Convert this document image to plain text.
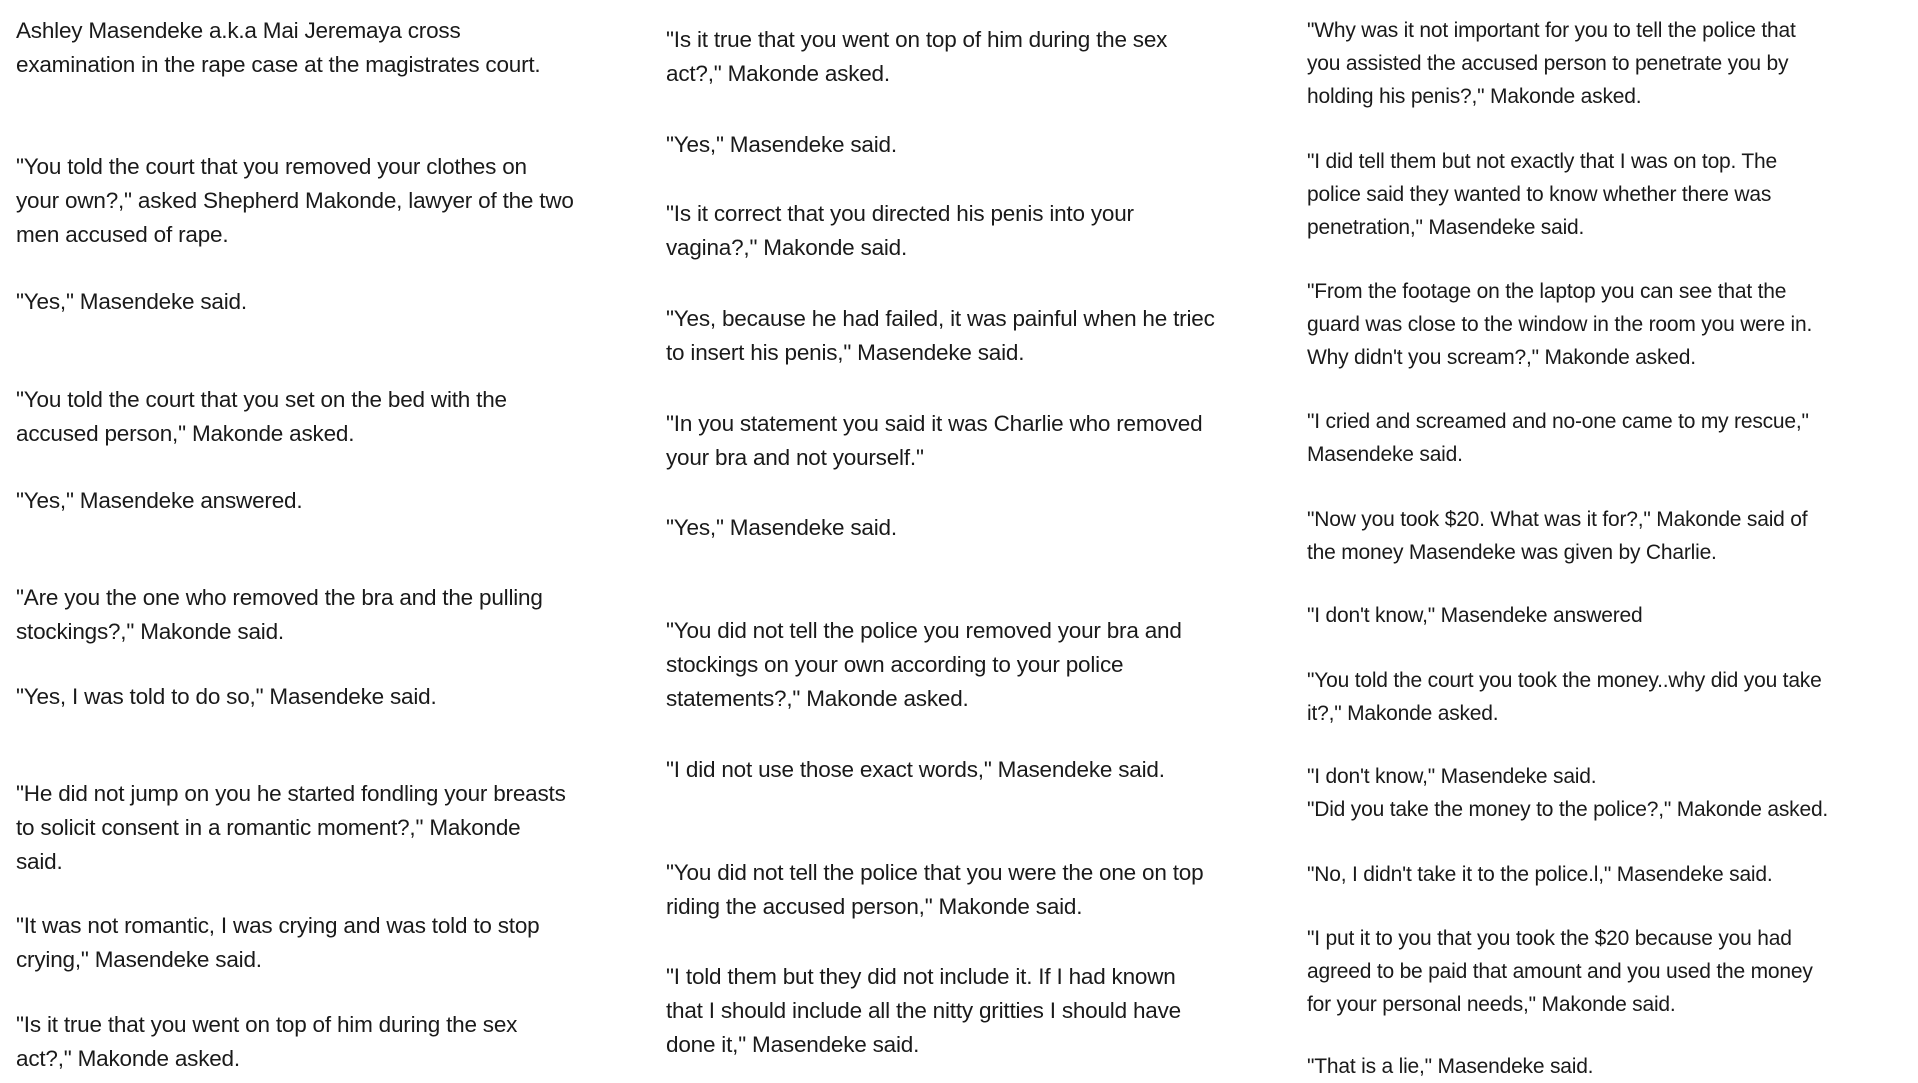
Ashley Masendeke a.k.a Mai Jeremaya cross
examination in the rape case at the magistrates court.

"You told the court that you removed your clothes on
your own?," asked Shepherd Makonde, lawyer of the two
men accused of rape.

"Yes," Masendeke said.

"You told the court that you set on the bed with the
accused person," Makonde asked.

"Yes," Masendeke answered.

"Are you the one who removed the bra and the pulling
stockings?," Makonde said.

"Yes, I was told to do so," Masendeke said.

"He did not jump on you he started fondling your breasts
to solicit consent in a romantic moment?," Makonde
said.

"It was not romantic, I was crying and was told to stop
crying," Masendeke said.

"Is it true that you went on top of him during the sex
act?," Makonde asked.

"Is it true that you went on top of him during the sex
act?," Makonde asked.

"Yes," Masendeke said.

"Is it correct that you directed his penis into your
vagina?," Makonde said.

"Yes, because he had failed, it was painful when he triec
to insert his penis," Masendeke said.

"In you statement you said it was Charlie who removed
your bra and not yourself."

"Yes," Masendeke said.

"You did not tell the police you removed your bra and
stockings on your own according to your police
statements?," Makonde asked.

"I did not use those exact words," Masendeke said.

"You did not tell the police that you were the one on top
riding the accused person," Makonde said.

"I told them but they did not include it. If I had known
that I should include all the nitty gritties I should have
done it," Masendeke said.

"Why was it not important for you to tell the police that
you assisted the accused person to penetrate you by
holding his penis?," Makonde asked.

"I did tell them but not exactly that I was on top. The
police said they wanted to know whether there was
penetration," Masendeke said.

"From the footage on the laptop you can see that the
guard was close to the window in the room you were in.
Why didn't you scream?," Makonde asked.

"I cried and screamed and no-one came to my rescue,"
Masendeke said.

"Now you took $20. What was it for?," Makonde said of
the money Masendeke was given by Charlie.

"I don't know," Masendeke answered

"You told the court you took the money..why did you take
it?," Makonde asked.

"I don't know," Masendeke said.
"Did you take the money to the police?," Makonde asked.

"No, I didn't take it to the police.l," Masendeke said.

"I put it to you that you took the $20 because you had
agreed to be paid that amount and you used the money
for your personal needs," Makonde said.

"That is a lie," Masendeke said.
